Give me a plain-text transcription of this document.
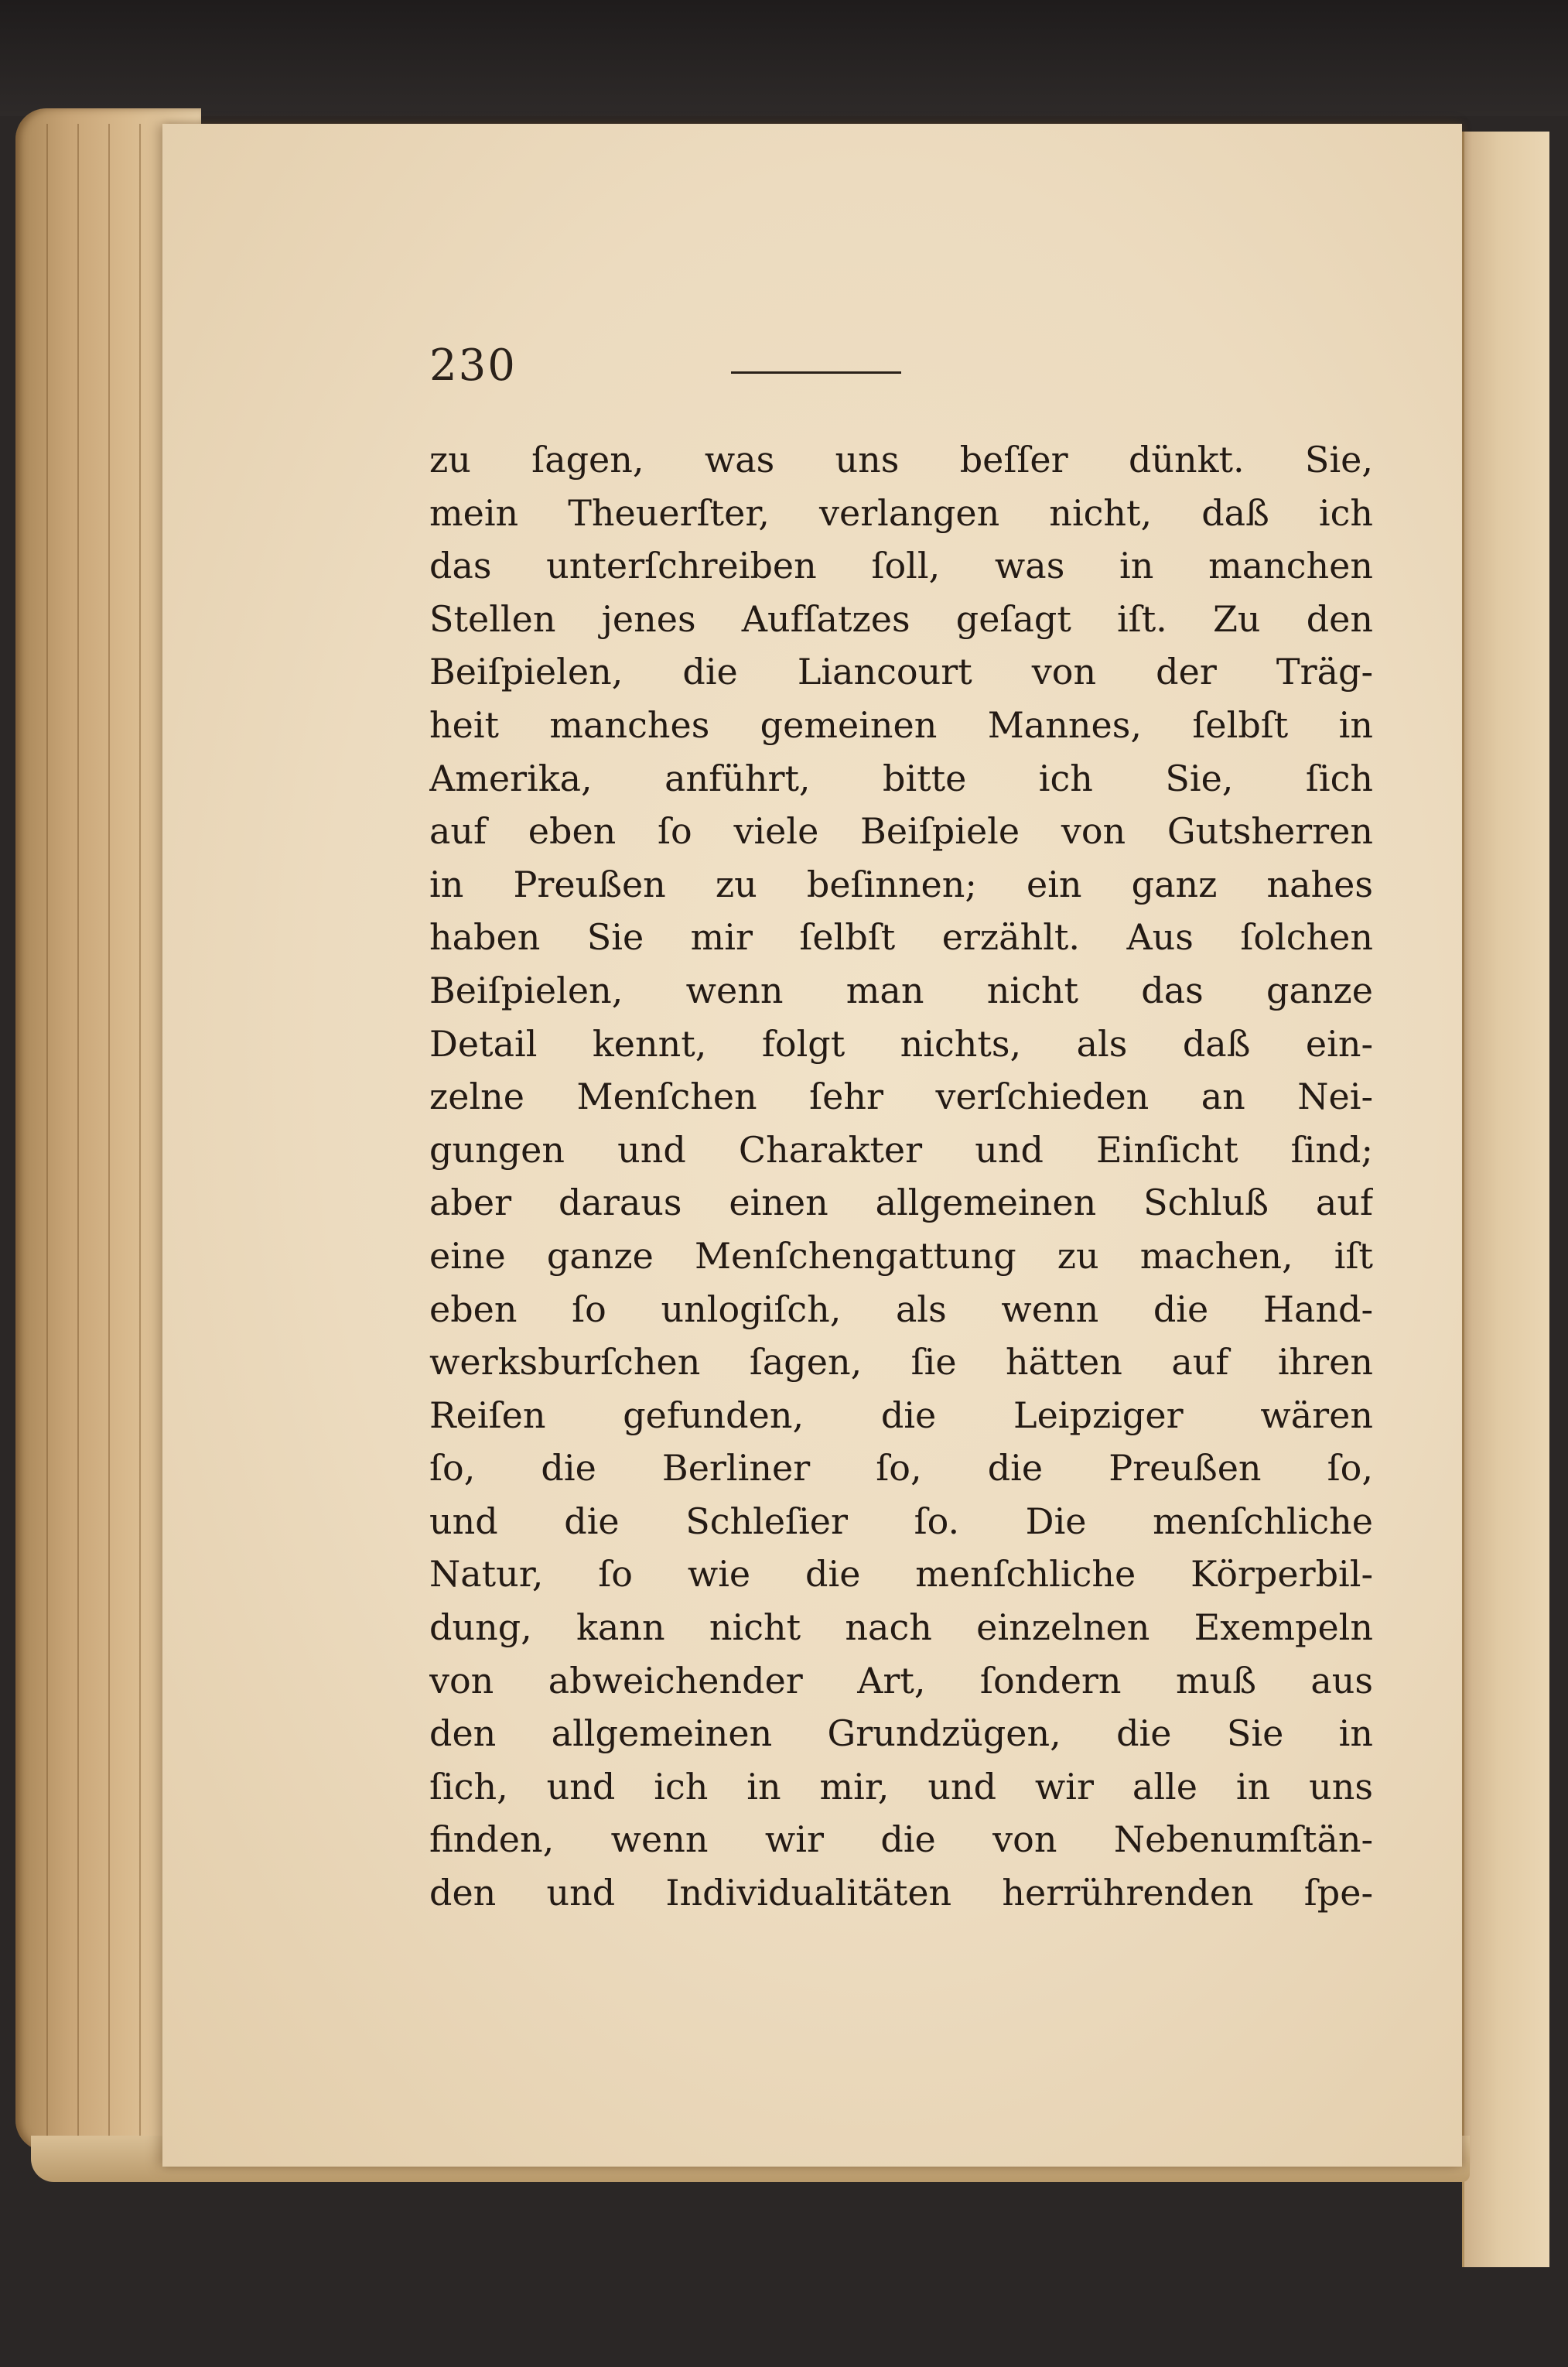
230
zu ſagen, was uns beſſer dünkt. Sie,
mein Theuerſter, verlangen nicht, daß ich
das unterſchreiben ſoll, was in manchen
Stellen jenes Aufſatzes geſagt iſt. Zu den
Beiſpielen, die Liancourt von der Träg-
heit manches gemeinen Mannes, ſelbſt in
Amerika, anführt, bitte ich Sie, ſich
auf eben ſo viele Beiſpiele von Gutsherren
in Preußen zu beſinnen; ein ganz nahes
haben Sie mir ſelbſt erzählt. Aus ſolchen
Beiſpielen, wenn man nicht das ganze
Detail kennt, folgt nichts, als daß ein-
zelne Menſchen ſehr verſchieden an Nei-
gungen und Charakter und Einſicht ſind;
aber daraus einen allgemeinen Schluß auf
eine ganze Menſchengattung zu machen, iſt
eben ſo unlogiſch, als wenn die Hand-
werksburſchen ſagen, ſie hätten auf ihren
Reiſen gefunden, die Leipziger wären
ſo, die Berliner ſo, die Preußen ſo,
und die Schleſier ſo. Die menſchliche
Natur, ſo wie die menſchliche Körperbil-
dung, kann nicht nach einzelnen Exempeln
von abweichender Art, ſondern muß aus
den allgemeinen Grundzügen, die Sie in
ſich, und ich in mir, und wir alle in uns
finden, wenn wir die von Nebenumſtän-
den und Individualitäten herrührenden ſpe-
